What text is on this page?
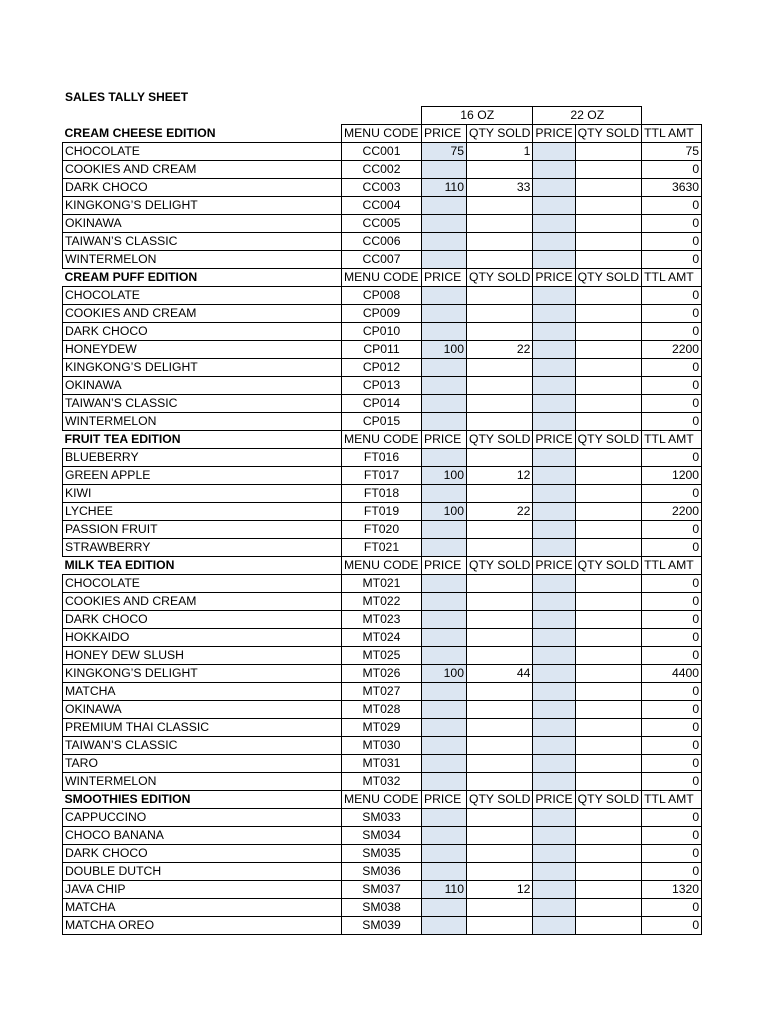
SALES TALLY SHEET
		16 OZ		22 OZ		
CREAM CHEESE EDITION	MENU CODE	PRICE	QTY SOLD	PRICE	QTY SOLD	TTL AMT
CHOCOLATE	CC001	75	1			75
COOKIES AND CREAM	CC002					0
DARK CHOCO	CC003	110	33			3630
KINGKONG’S DELIGHT	CC004					0
OKINAWA	CC005					0
TAIWAN’S CLASSIC	CC006					0
WINTERMELON	CC007					0
CREAM PUFF EDITION	MENU CODE	PRICE	QTY SOLD	PRICE	QTY SOLD	TTL AMT
CHOCOLATE	CP008					0
COOKIES AND CREAM	CP009					0
DARK CHOCO	CP010					0
HONEYDEW	CP011	100	22			2200
KINGKONG’S DELIGHT	CP012					0
OKINAWA	CP013					0
TAIWAN’S CLASSIC	CP014					0
WINTERMELON	CP015					0
FRUIT TEA EDITION	MENU CODE	PRICE	QTY SOLD	PRICE	QTY SOLD	TTL AMT
BLUEBERRY	FT016					0
GREEN APPLE	FT017	100	12			1200
KIWI	FT018					0
LYCHEE	FT019	100	22			2200
PASSION FRUIT	FT020					0
STRAWBERRY	FT021					0
MILK TEA EDITION	MENU CODE	PRICE	QTY SOLD	PRICE	QTY SOLD	TTL AMT
CHOCOLATE	MT021					0
COOKIES AND CREAM	MT022					0
DARK CHOCO	MT023					0
HOKKAIDO	MT024					0
HONEY DEW SLUSH	MT025					0
KINGKONG’S DELIGHT	MT026	100	44			4400
MATCHA	MT027					0
OKINAWA	MT028					0
PREMIUM THAI CLASSIC	MT029					0
TAIWAN’S CLASSIC	MT030					0
TARO	MT031					0
WINTERMELON	MT032					0
SMOOTHIES EDITION	MENU CODE	PRICE	QTY SOLD	PRICE	QTY SOLD	TTL AMT
CAPPUCCINO	SM033					0
CHOCO BANANA	SM034					0
DARK CHOCO	SM035					0
DOUBLE DUTCH	SM036					0
JAVA CHIP	SM037	110	12			1320
MATCHA	SM038					0
MATCHA OREO	SM039					0
